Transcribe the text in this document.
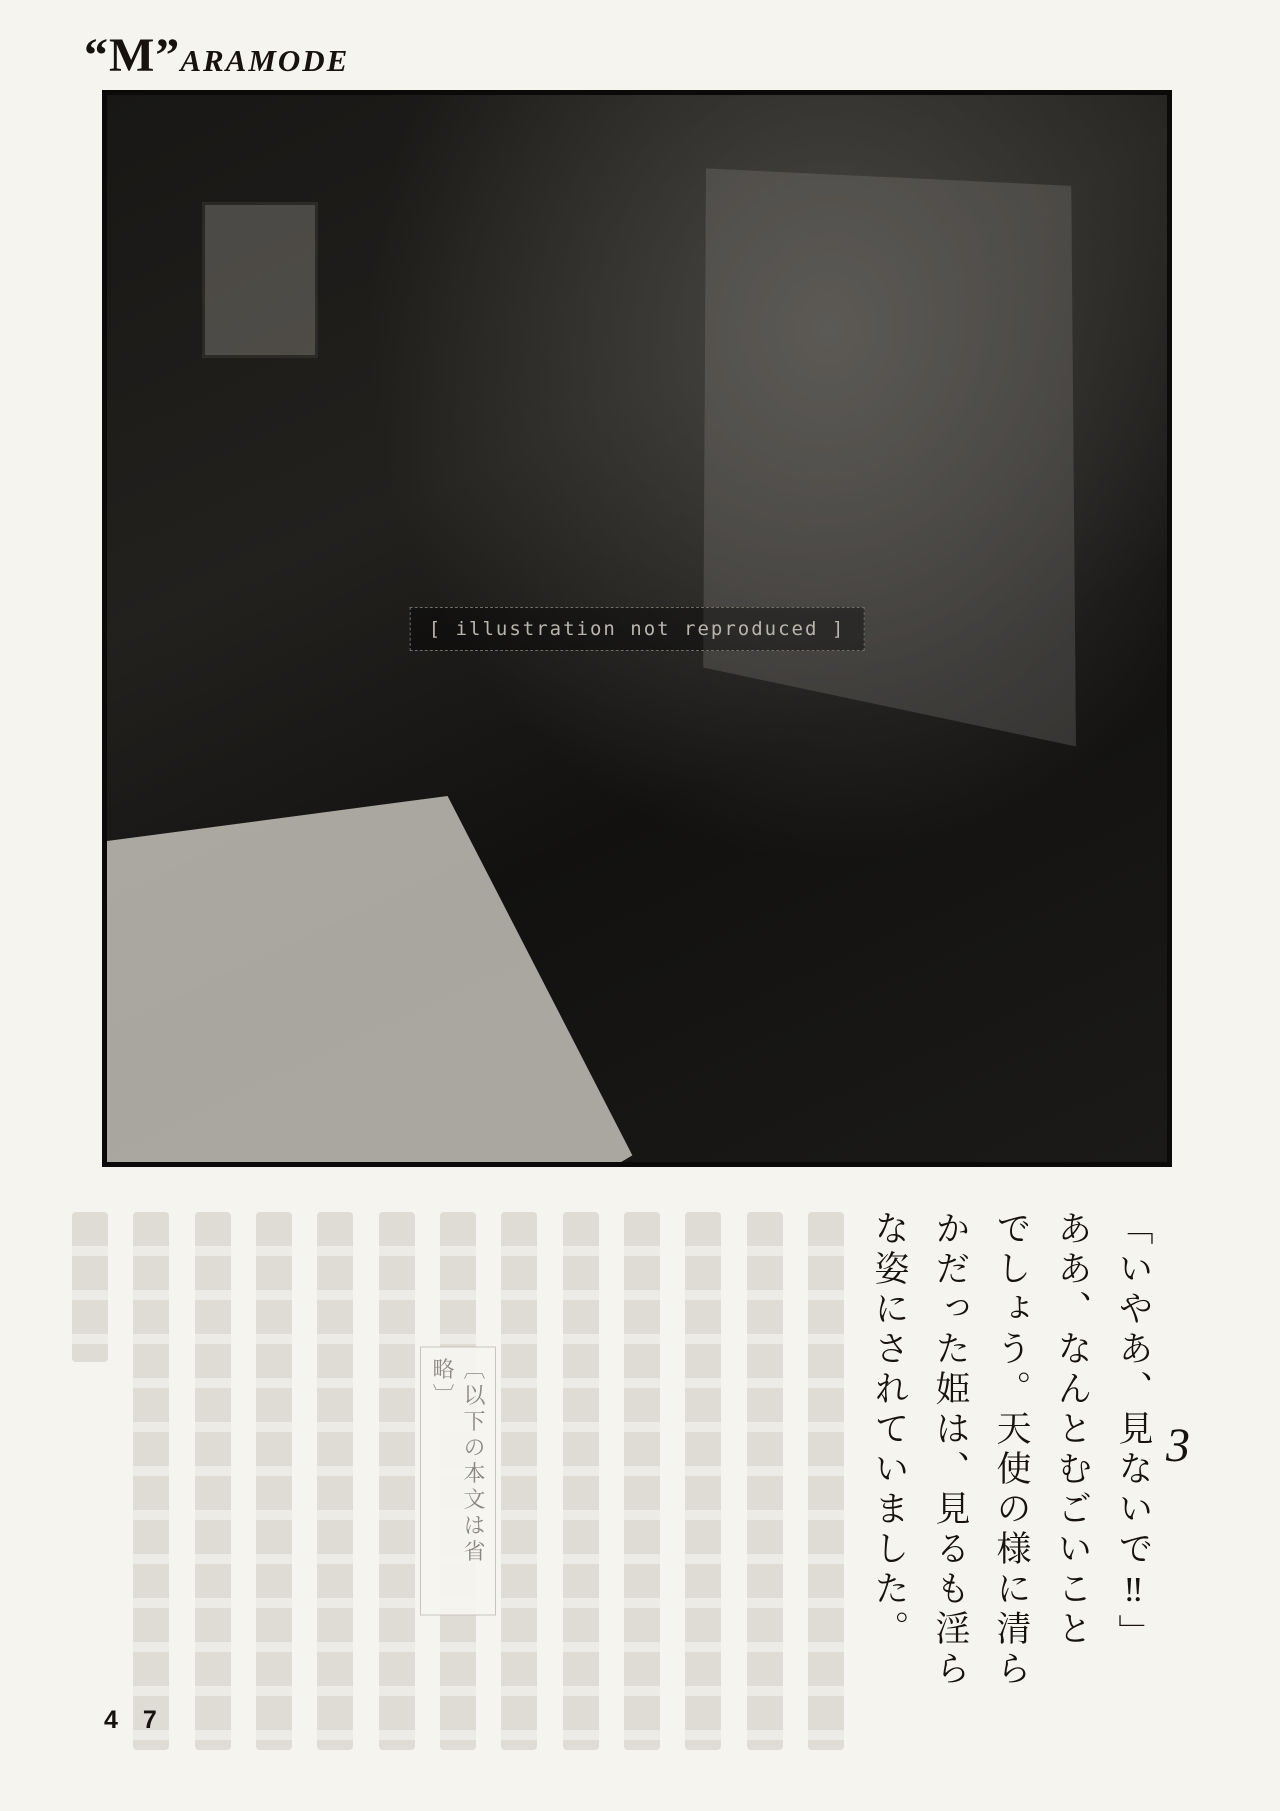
“M”ARAMODE
[ illustration not reproduced ]
3

「いやあ、見ないで‼」

ああ、なんとむごいこと

でしょう。天使の様に清ら

かだった姫は、見るも淫ら

な姿にされていました。

〔以下の本文は省略〕
4 7
